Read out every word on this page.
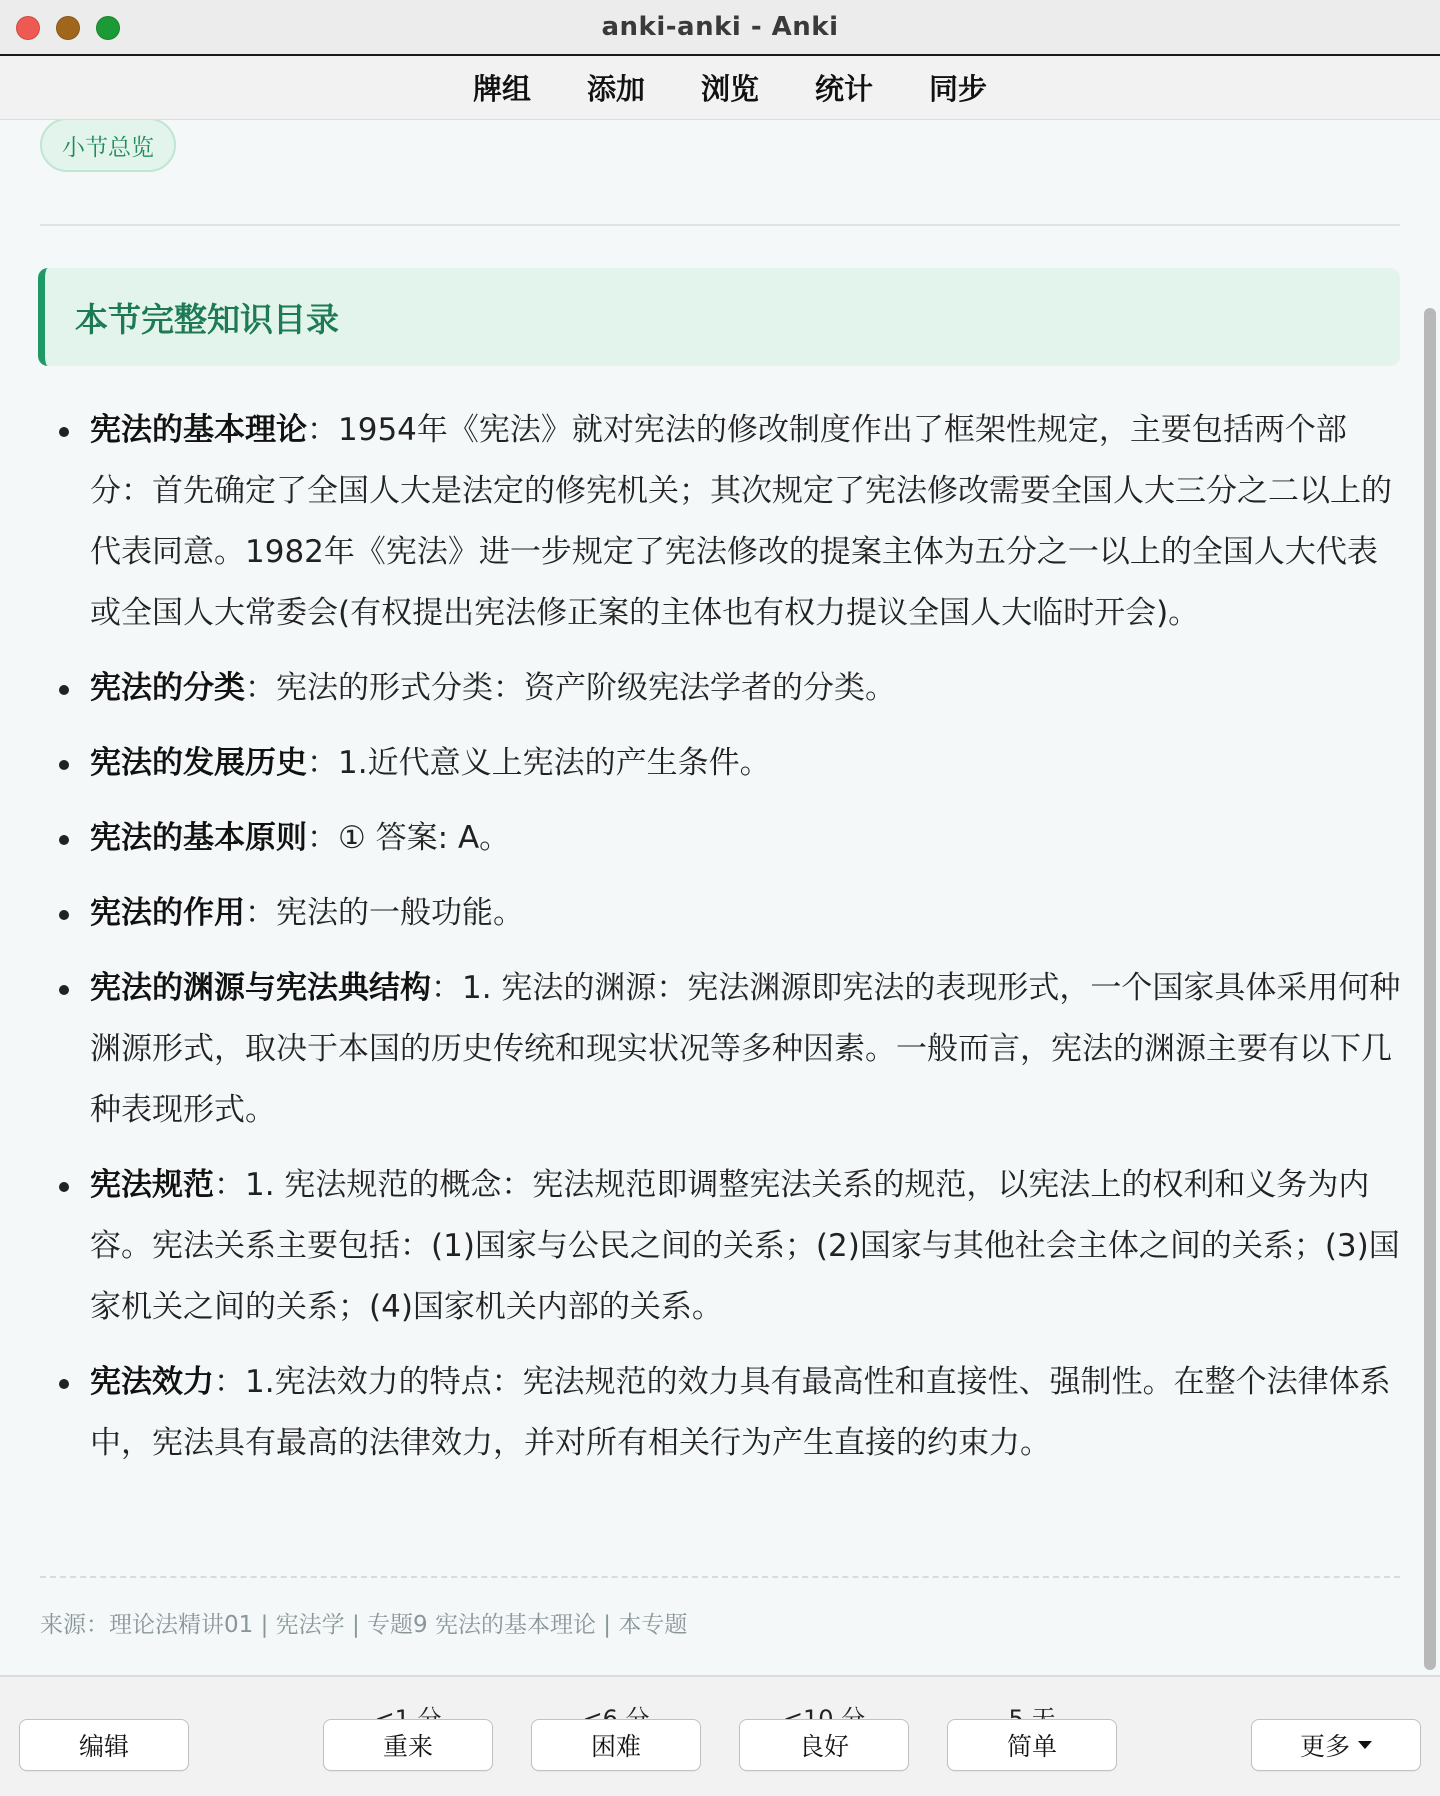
anki-anki - Anki
牌组 添加 浏览 统计 同步
小节总览
本节完整知识目录
宪法的基本理论：1954年《宪法》就对宪法的修改制度作出了框架性规定，主要包括两个部分：首先确定了全国人大是法定的修宪机关；其次规定了宪法修改需要全国人大三分之二以上的代表同意。1982年《宪法》进一步规定了宪法修改的提案主体为五分之一以上的全国人大代表或全国人大常委会(有权提出宪法修正案的主体也有权力提议全国人大临时开会)。
宪法的分类：宪法的形式分类：资产阶级宪法学者的分类。
宪法的发展历史：1.近代意义上宪法的产生条件。
宪法的基本原则：① 答案: A。
宪法的作用：宪法的一般功能。
宪法的渊源与宪法典结构：1. 宪法的渊源：宪法渊源即宪法的表现形式，一个国家具体采用何种渊源形式，取决于本国的历史传统和现实状况等多种因素。一般而言，宪法的渊源主要有以下几种表现形式。
宪法规范：1. 宪法规范的概念：宪法规范即调整宪法关系的规范，以宪法上的权利和义务为内容。宪法关系主要包括：(1)国家与公民之间的关系；(2)国家与其他社会主体之间的关系；(3)国家机关之间的关系；(4)国家机关内部的关系。
宪法效力：1.宪法效力的特点：宪法规范的效力具有最高性和直接性、强制性。在整个法律体系中，宪法具有最高的法律效力，并对所有相关行为产生直接的约束力。
来源：理论法精讲01 | 宪法学 | 专题9 宪法的基本理论 | 本专题
编辑	重来	困难	良好	简单	更多
